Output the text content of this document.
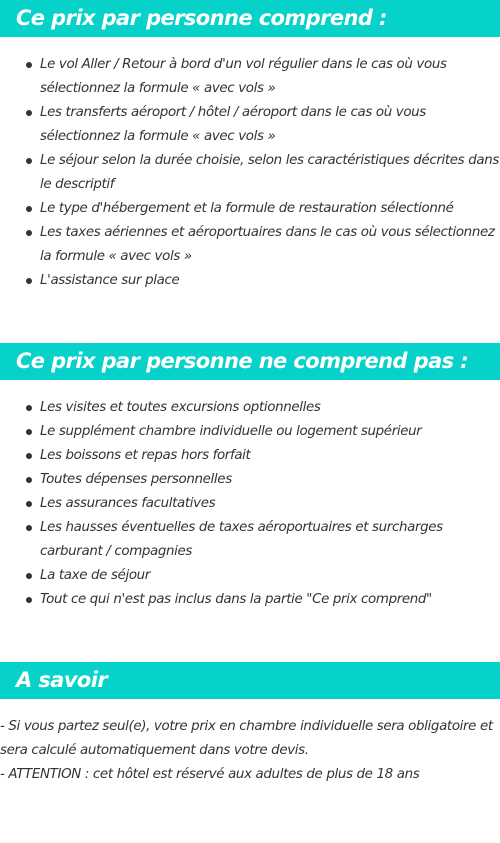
Ce prix par personne comprend :
Le vol Aller / Retour à bord d'un vol régulier dans le cas où vous sélectionnez la formule « avec vols »
Les transferts aéroport / hôtel / aéroport dans le cas où vous sélectionnez la formule « avec vols »
Le séjour selon la durée choisie, selon les caractéristiques décrites dans le descriptif
Le type d'hébergement et la formule de restauration sélectionné
Les taxes aériennes et aéroportuaires dans le cas où vous sélectionnez la formule « avec vols »
L'assistance sur place
Ce prix par personne ne comprend pas :
Les visites et toutes excursions optionnelles
Le supplément chambre individuelle ou logement supérieur
Les boissons et repas hors forfait
Toutes dépenses personnelles
Les assurances facultatives
Les hausses éventuelles de taxes aéroportuaires et surcharges carburant / compagnies
La taxe de séjour
Tout ce qui n'est pas inclus dans la partie "Ce prix comprend"
A savoir

- Si vous partez seul(e), votre prix en chambre individuelle sera obligatoire et sera calculé automatiquement dans votre devis.

- ATTENTION : cet hôtel est réservé aux adultes de plus de 18 ans
